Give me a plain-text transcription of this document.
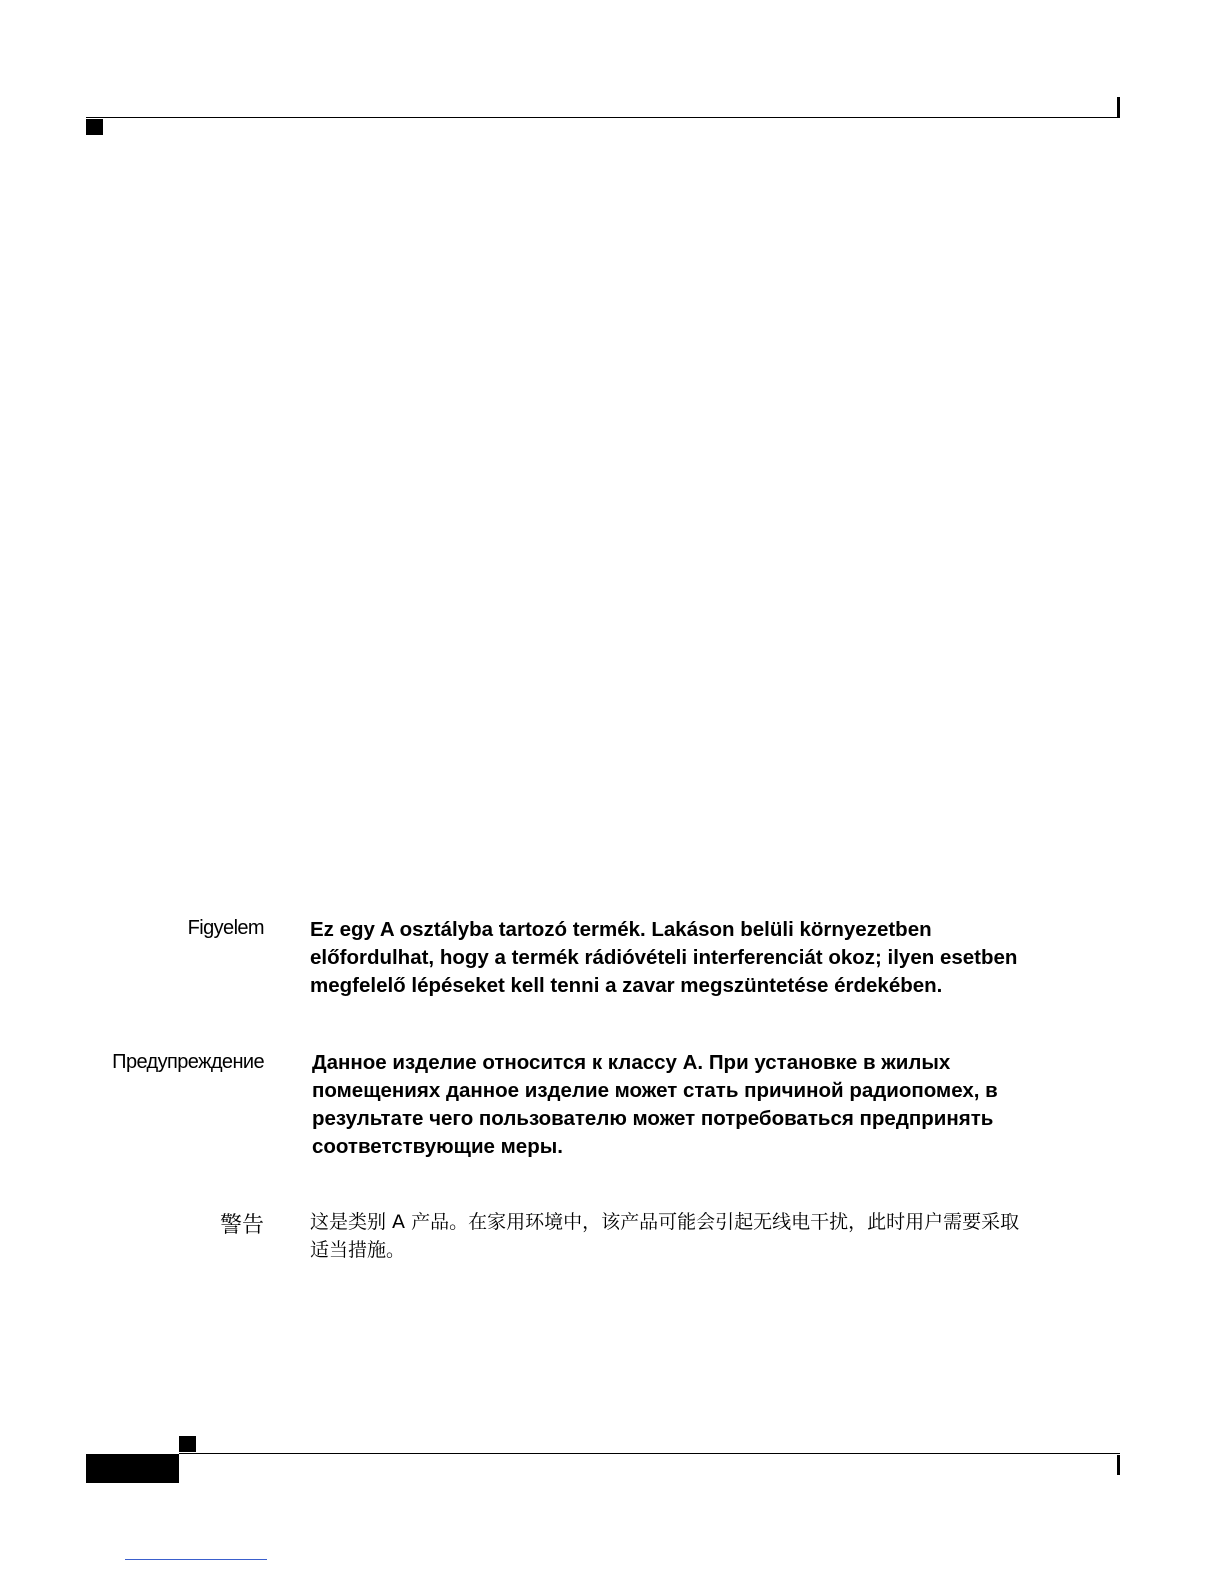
Figyelem Ez egy A osztályba tartozó termék. Lakáson belüli környezetben
előfordulhat, hogy a termék rádióvételi interferenciát okoz; ilyen esetben
megfelelő lépéseket kell tenni a zavar megszüntetése érdekében.
Предупреждение Данное изделие относится к классу А. При установке в жилых
помещениях данное изделие может стать причиной радиопомех, в
результате чего пользователю может потребоваться предпринять
соответствующие меры.
警告 这是类别 A 产品。在家用环境中，该产品可能会引起无线电干扰，此时用户需要采取
适当措施。
